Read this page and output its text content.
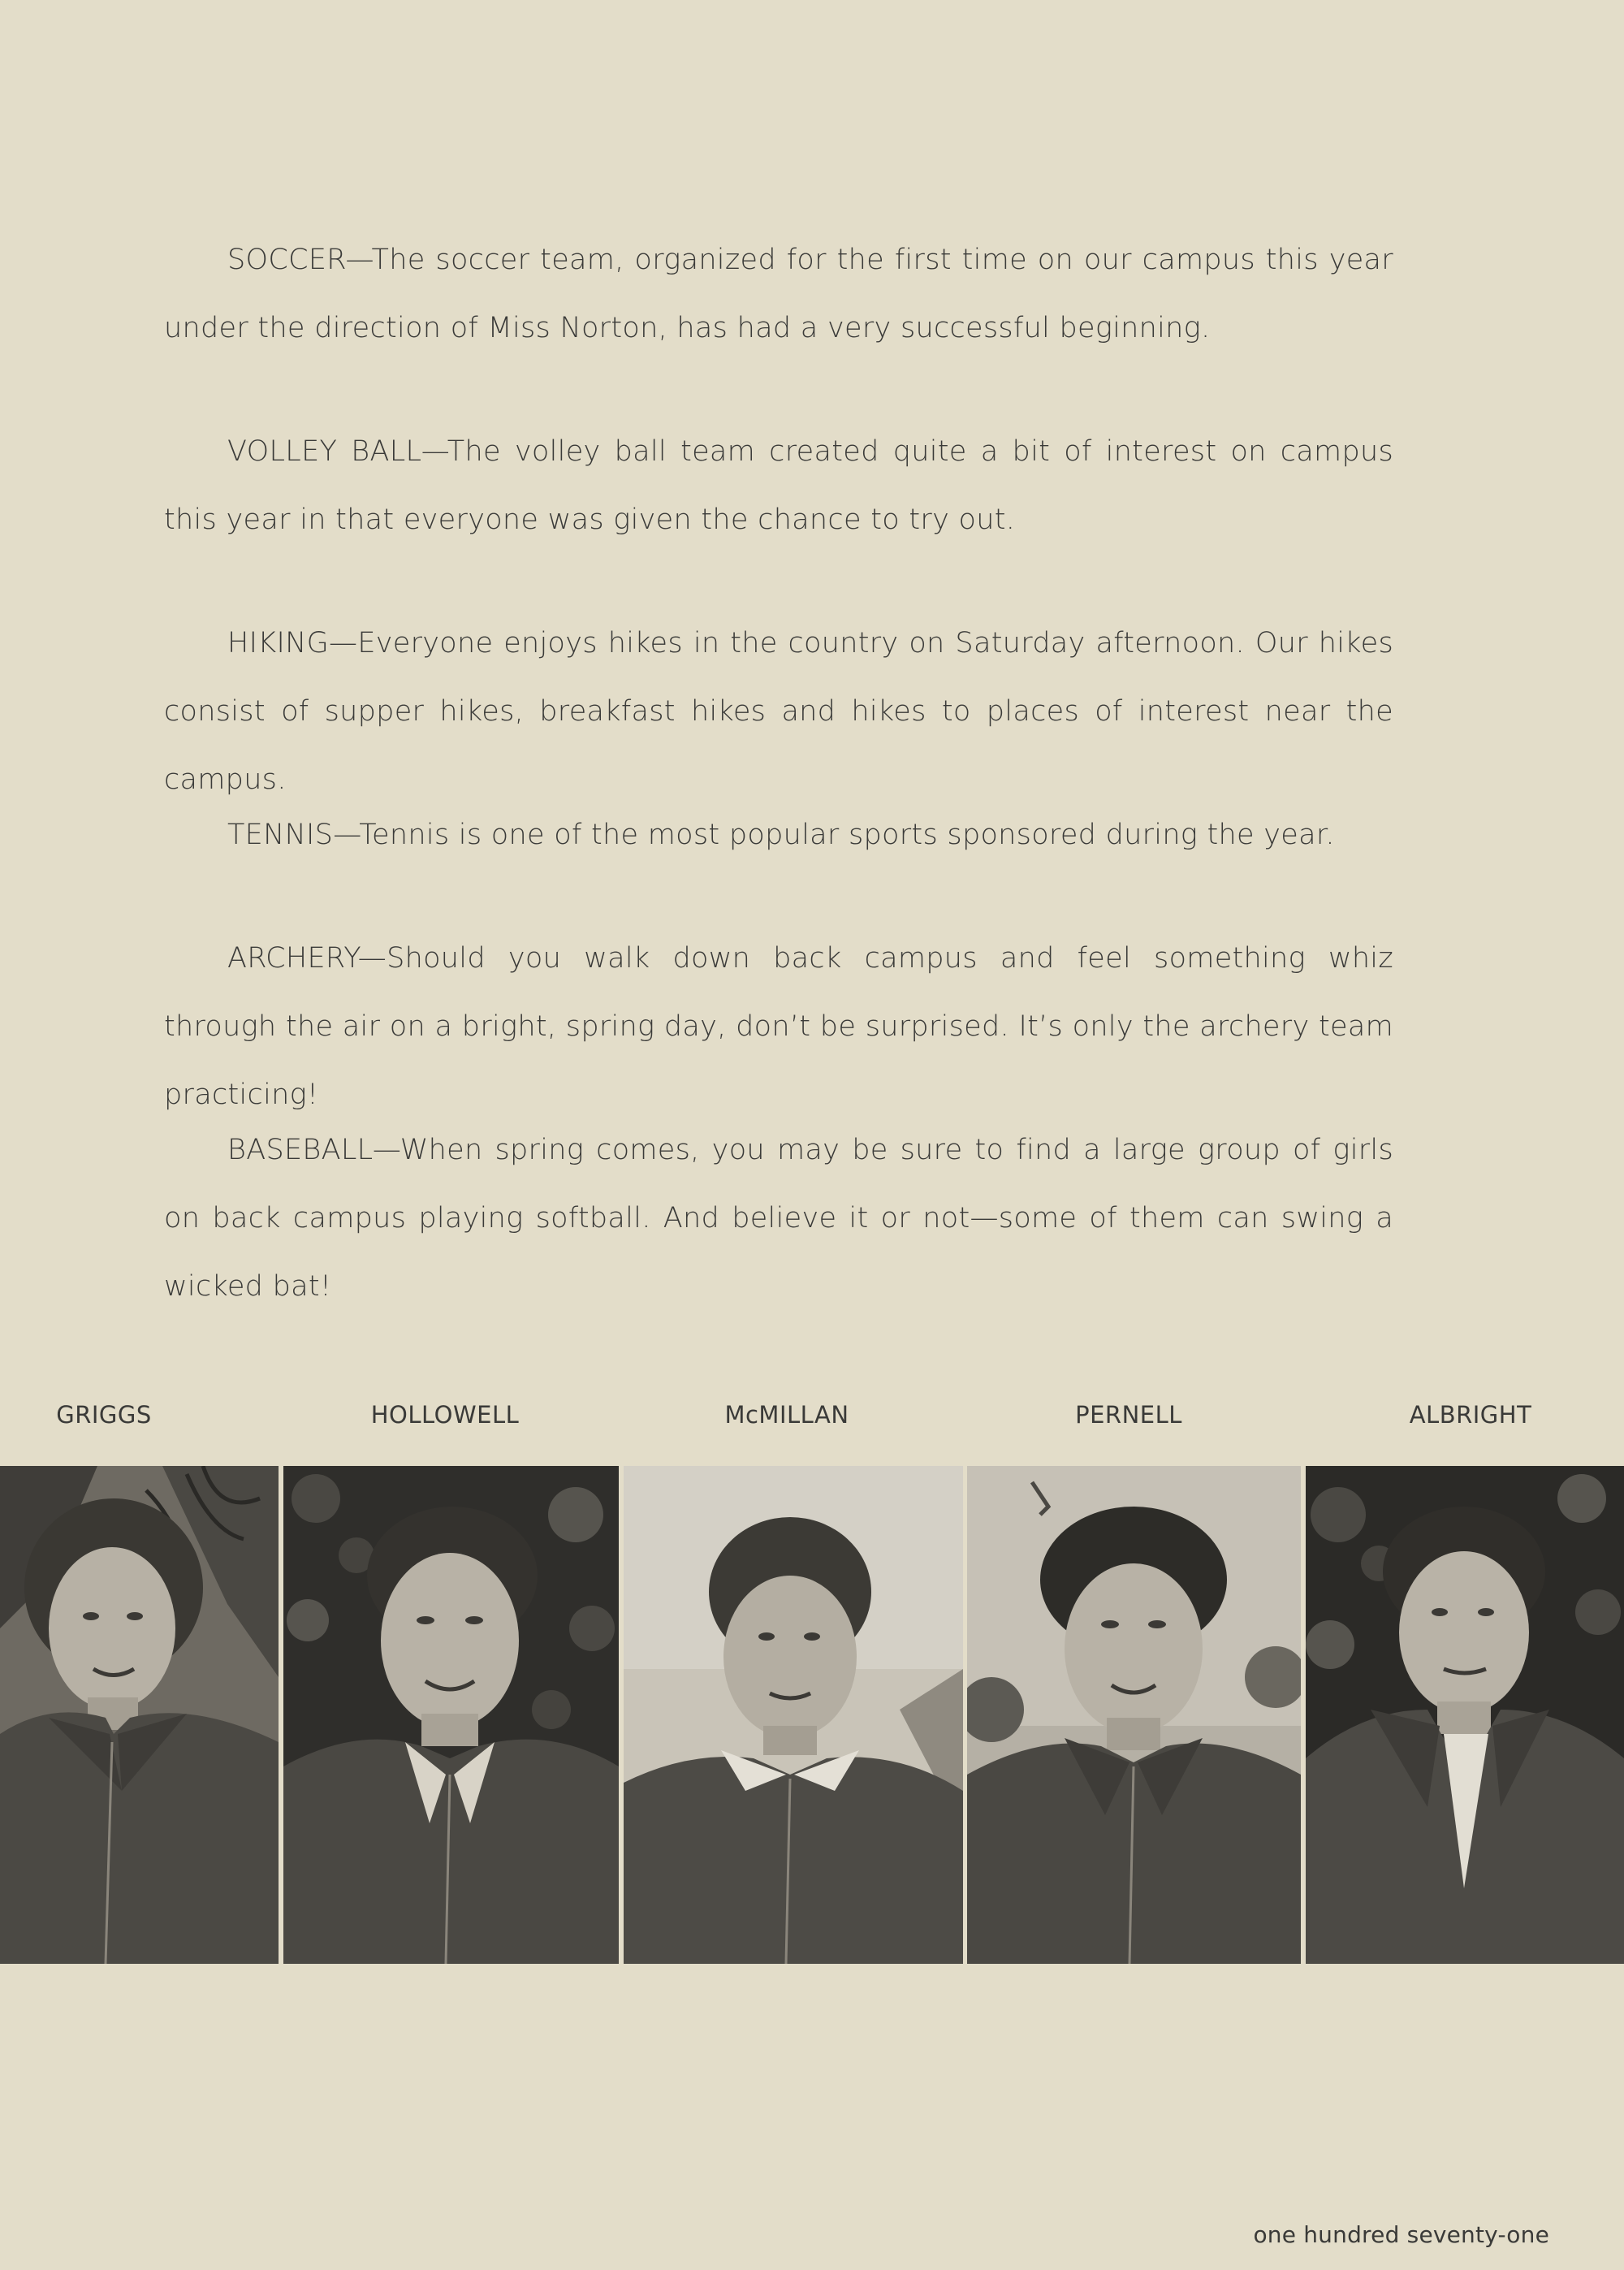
SOCCER—The soccer team, organized for the first time on our campus this year under the direction of Miss Norton, has had a very successful beginning.

VOLLEY BALL—The volley ball team created quite a bit of interest on campus this year in that everyone was given the chance to try out.

HIKING—Everyone enjoys hikes in the country on Saturday afternoon. Our hikes consist of supper hikes, breakfast hikes and hikes to places of interest near the campus.

TENNIS—Tennis is one of the most popular sports sponsored during the year.

ARCHERY—Should you walk down back campus and feel something whiz through the air on a bright, spring day, don’t be surprised. It’s only the archery team practicing!

BASEBALL—When spring comes, you may be sure to find a large group of girls on back campus playing softball. And believe it or not—some of them can swing a wicked bat!

GRIGGS	HOLLOWELL	McMILLAN	PERNELL	ALBRIGHT
one hundred seventy-one
